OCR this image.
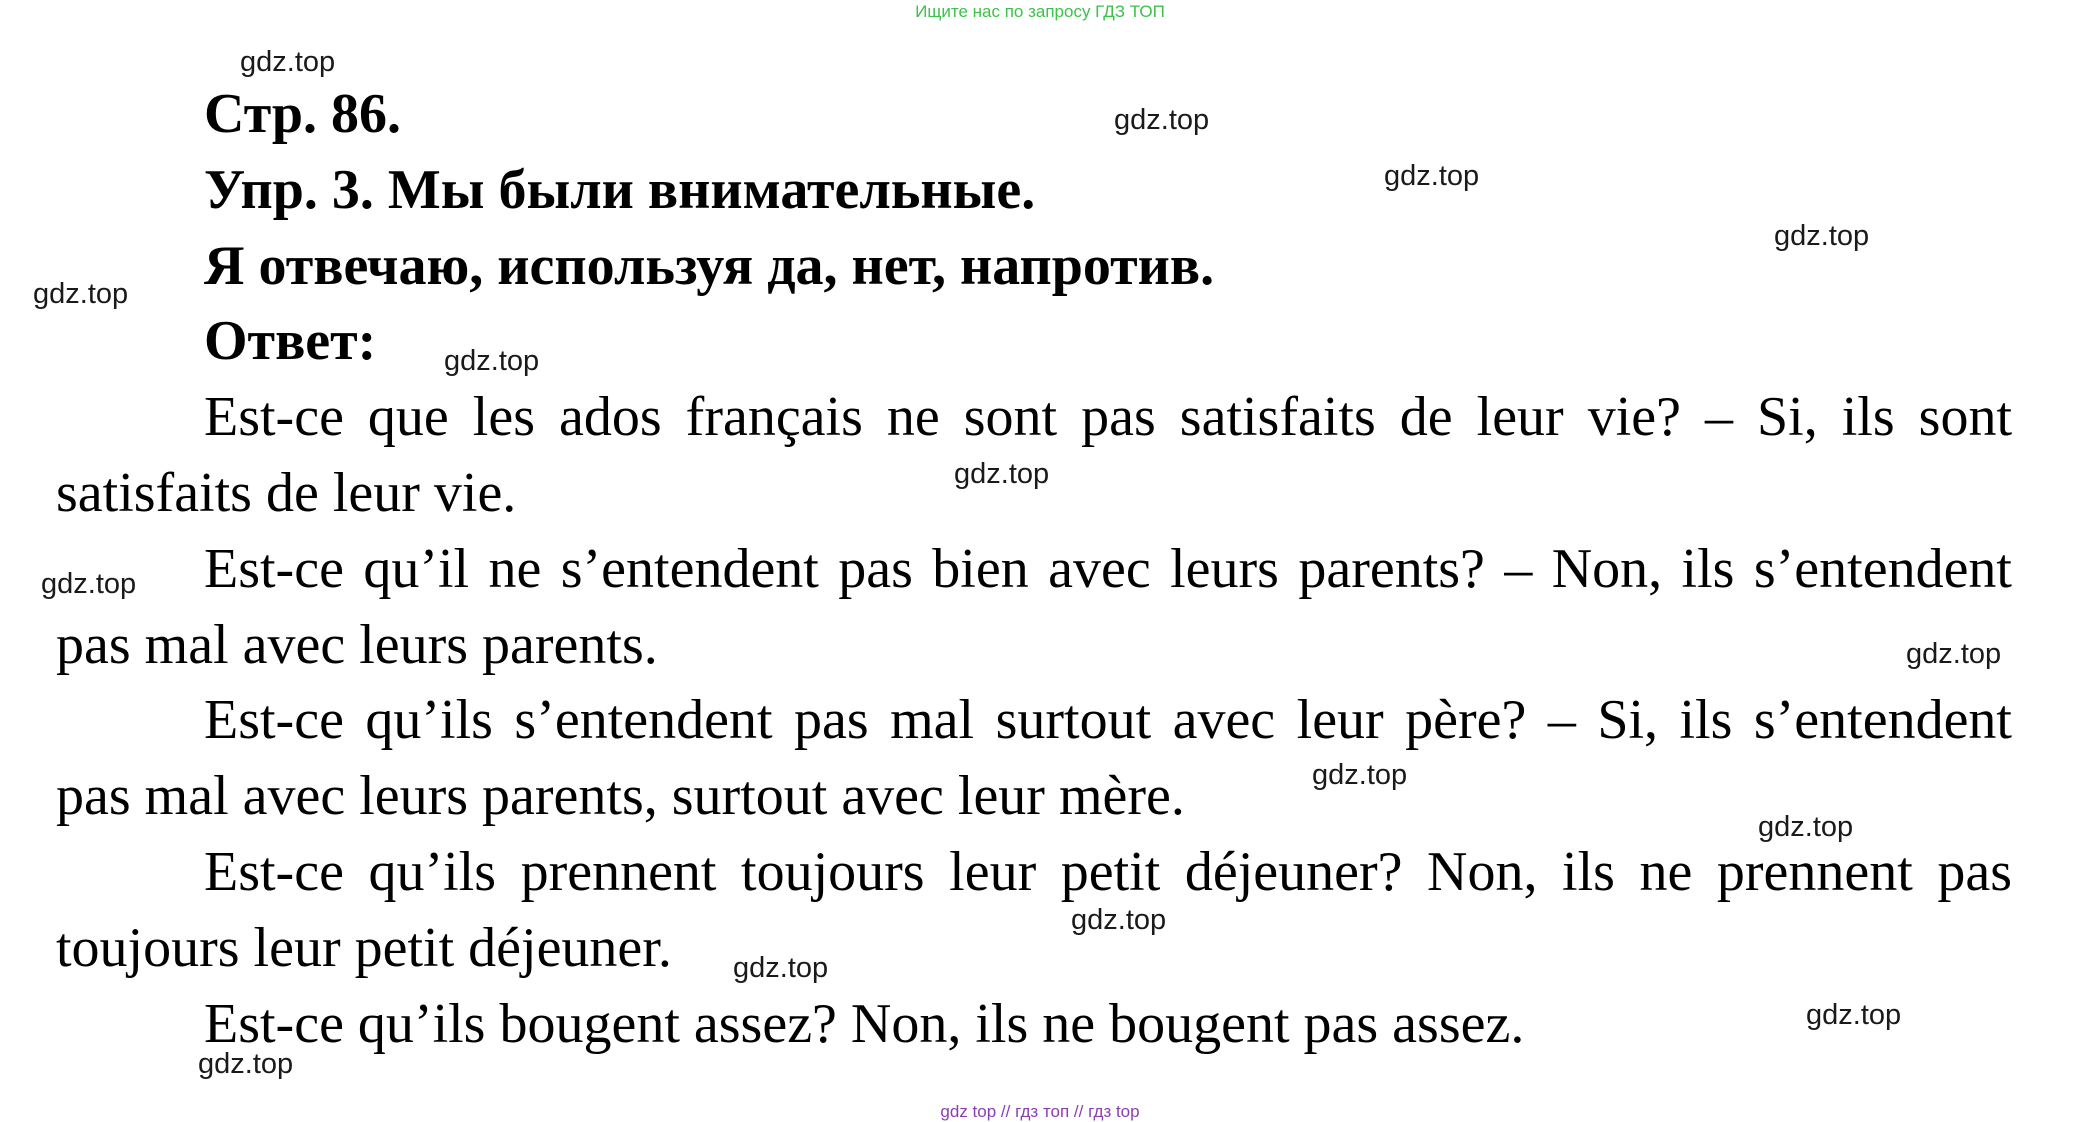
Ищите нас по запросу ГДЗ ТОП
Стр. 86.
Упр. 3. Мы были внимательные.
Я отвечаю, используя да, нет, напротив.
Ответ:
Est-ce que les ados français ne sont pas satisfaits de leur vie? – Si, ils sont
satisfaits de leur vie.
Est-ce qu’il ne s’entendent pas bien avec leurs parents? – Non, ils s’entendent
pas mal avec leurs parents.
Est-ce qu’ils s’entendent pas mal surtout avec leur père? – Si, ils s’entendent
pas mal avec leurs parents, surtout avec leur mère.
Est-ce qu’ils prennent toujours leur petit déjeuner? Non, ils ne prennent pas
toujours leur petit déjeuner.
Est-ce qu’ils bougent assez? Non, ils ne bougent pas assez.
gdz.top
gdz.top
gdz.top
gdz.top
gdz.top
gdz.top
gdz.top
gdz.top
gdz.top
gdz.top
gdz.top
gdz.top
gdz.top
gdz.top
gdz.top
gdz top // гдз топ // гдз top
